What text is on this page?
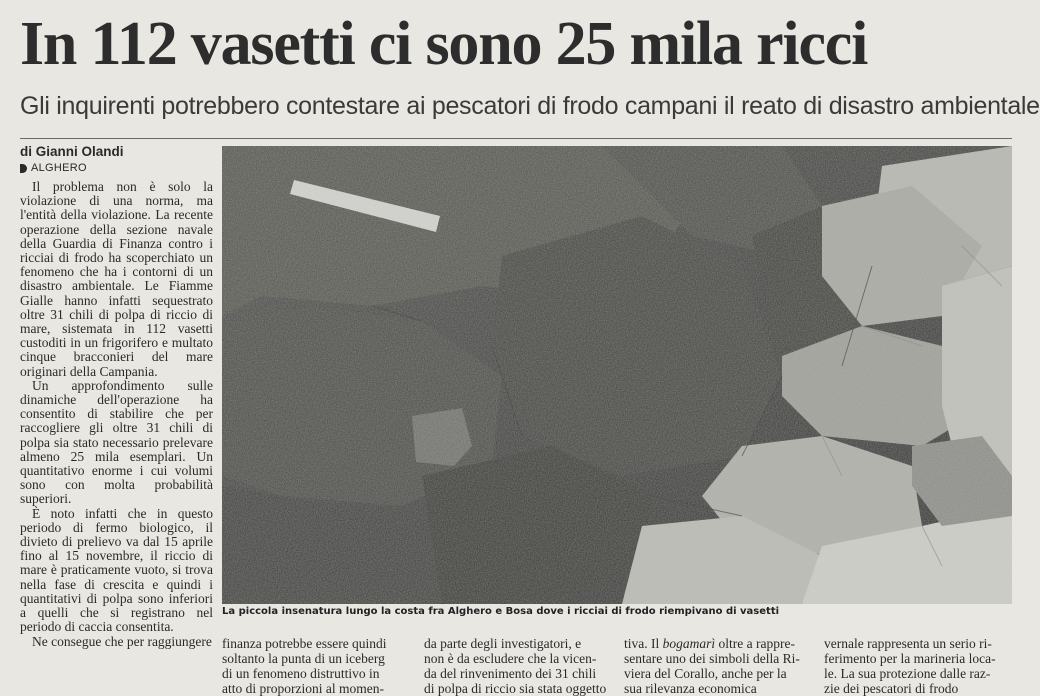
In 112 vasetti ci sono 25 mila ricci
Gli inquirenti potrebbero contestare ai pescatori di frodo campani il reato di disastro ambientale
di Gianni Olandi
ALGHERO

Il problema non è solo la violazione di una norma, ma l'entità della violazione. La recente operazione della sezione navale della Guardia di Finanza contro i ricciai di frodo ha scoperchiato un fenomeno che ha i contorni di un disastro ambientale. Le Fiamme Gialle hanno infatti sequestrato oltre 31 chili di polpa di riccio di mare, sistemata in 112 vasetti custoditi in un frigorifero e multato cinque bracconieri del mare originari della Campania.

Un approfondimento sulle dinamiche dell'operazione ha consentito di stabilire che per raccogliere gli oltre 31 chili di polpa sia stato necessario prelevare almeno 25 mila esemplari. Un quantitativo enorme i cui volumi sono con molta probabilità superiori.

È noto infatti che in questo periodo di fermo biologico, il divieto di prelievo va dal 15 aprile fino al 15 novembre, il riccio di mare è praticamente vuoto, si trova nella fase di crescita e quindi i quantitativi di polpa sono inferiori a quelli che si registrano nel periodo di caccia consentita.

Ne consegue che per raggiungere

La piccola insenatura lungo la costa fra Alghero e Bosa dove i ricciai di frodo riempivano di vasetti
finanza potrebbe essere quindi
soltanto la punta di un iceberg
di un fenomeno distruttivo in
atto di proporzioni al momen-
da parte degli investigatori, e
non è da escludere che la vicen-
da del rinvenimento dei 31 chili
di polpa di riccio sia stata oggetto
tiva. Il bogamarì oltre a rappre-
sentare uno dei simboli della Ri-
viera del Corallo, anche per la
sua rilevanza economica
vernale rappresenta un serio ri-
ferimento per la marineria loca-
le. La sua protezione dalle raz-
zie dei pescatori di frodo
